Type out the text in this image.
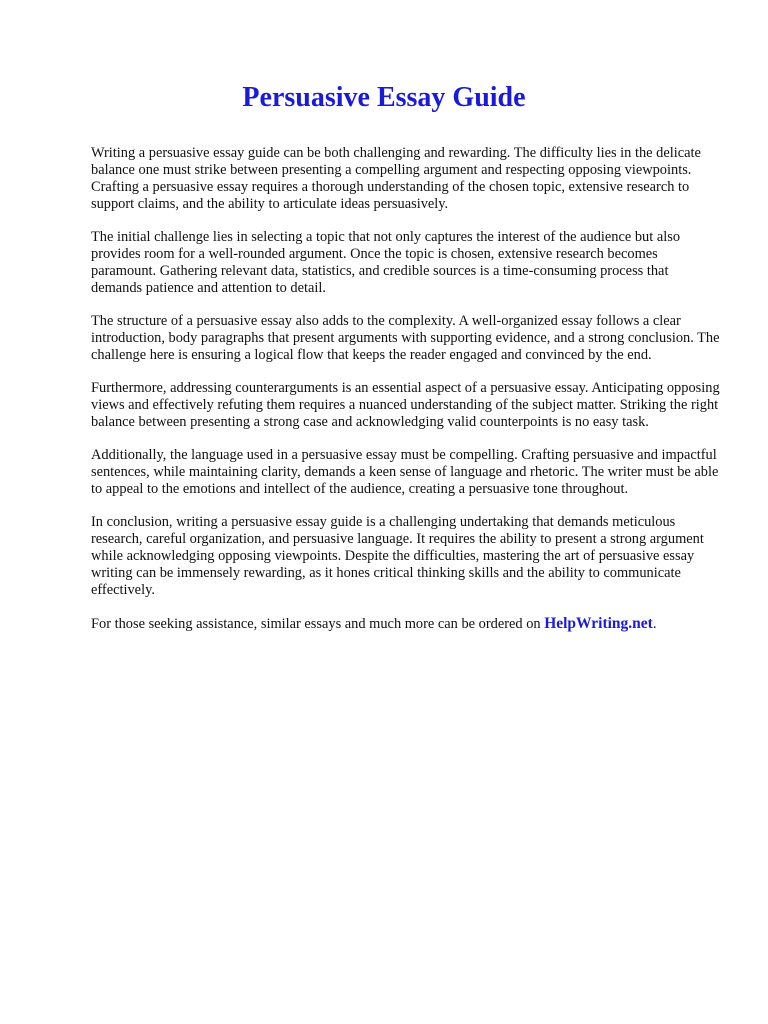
Persuasive Essay Guide

Writing a persuasive essay guide can be both challenging and rewarding. The difficulty lies in the delicate balance one must strike between presenting a compelling argument and respecting opposing viewpoints. Crafting a persuasive essay requires a thorough understanding of the chosen topic, extensive research to support claims, and the ability to articulate ideas persuasively.

The initial challenge lies in selecting a topic that not only captures the interest of the audience but also provides room for a well-rounded argument. Once the topic is chosen, extensive research becomes paramount. Gathering relevant data, statistics, and credible sources is a time-consuming process that demands patience and attention to detail.

The structure of a persuasive essay also adds to the complexity. A well-organized essay follows a clear introduction, body paragraphs that present arguments with supporting evidence, and a strong conclusion. The challenge here is ensuring a logical flow that keeps the reader engaged and convinced by the end.

Furthermore, addressing counterarguments is an essential aspect of a persuasive essay. Anticipating opposing views and effectively refuting them requires a nuanced understanding of the subject matter. Striking the right balance between presenting a strong case and acknowledging valid counterpoints is no easy task.

Additionally, the language used in a persuasive essay must be compelling. Crafting persuasive and impactful sentences, while maintaining clarity, demands a keen sense of language and rhetoric. The writer must be able to appeal to the emotions and intellect of the audience, creating a persuasive tone throughout.

In conclusion, writing a persuasive essay guide is a challenging undertaking that demands meticulous research, careful organization, and persuasive language. It requires the ability to present a strong argument while acknowledging opposing viewpoints. Despite the difficulties, mastering the art of persuasive essay writing can be immensely rewarding, as it hones critical thinking skills and the ability to communicate effectively.

For those seeking assistance, similar essays and much more can be ordered on HelpWriting.net.
